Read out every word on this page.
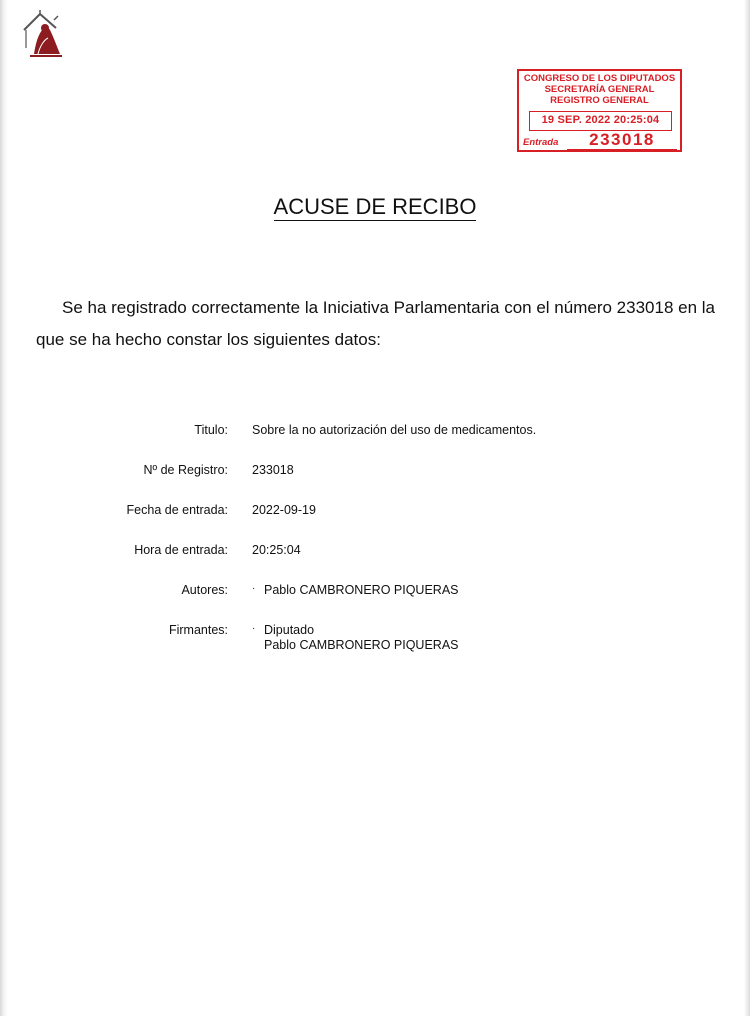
CONGRESO DE LOS DIPUTADOS
SECRETARÍA GENERAL
REGISTRO GENERAL
19 SEP. 2022 20:25:04
Entrada	233018
ACUSE DE RECIBO
Se ha registrado correctamente la Iniciativa Parlamentaria con el número 233018 en la que se ha hecho constar los siguientes datos:
Titulo: Sobre la no autorización del uso de medicamentos.
Nº de Registro: 233018
Fecha de entrada: 2022-09-19
Hora de entrada: 20:25:04
Autores: · Pablo CAMBRONERO PIQUERAS
Firmantes: · Diputado
Pablo CAMBRONERO PIQUERAS
